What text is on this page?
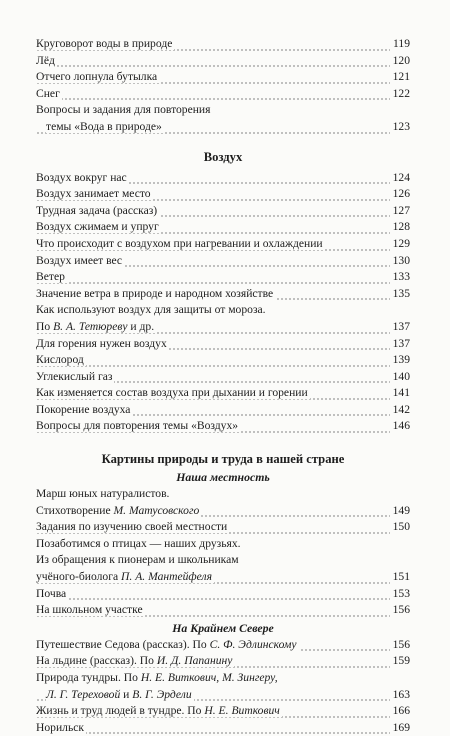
Круговорот воды в природе	119
Лёд	120
Отчего лопнула бутылка	121
Снег	122
Вопросы и задания для повторения
темы «Вода в природе»	123
Воздух
Воздух вокруг нас	124
Воздух занимает место	126
Трудная задача (рассказ)	127
Воздух сжимаем и упруг	128
Что происходит с воздухом при нагревании и охлаждении	129
Воздух имеет вес	130
Ветер	133
Значение ветра в природе и народном хозяйстве	135
Как используют воздух для защиты от мороза.
По В. А. Тетюреву и др.	137
Для горения нужен воздух	137
Кислород	139
Углекислый газ	140
Как изменяется состав воздуха при дыхании и горении	141
Покорение воздуха	142
Вопросы для повторения темы «Воздух»	146
Картины природы и труда в нашей стране
Наша местность
Марш юных натуралистов.
Стихотворение М. Матусовского	149
Задания по изучению своей местности	150
Позаботимся о птицах — наших друзьях.
Из обращения к пионерам и школьникам
учёного-биолога П. А. Мантейфеля	151
Почва	153
На школьном участке	156
На Крайнем Севере
Путешествие Седова (рассказ). По С. Ф. Эдлинскому	156
На льдине (рассказ). По И. Д. Папанину	159
Природа тундры. По Н. Е. Виткович, М. Зингеру,
Л. Г. Тереховой и В. Г. Эрдели	163
Жизнь и труд людей в тундре. По Н. Е. Виткович	166
Норильск	169
